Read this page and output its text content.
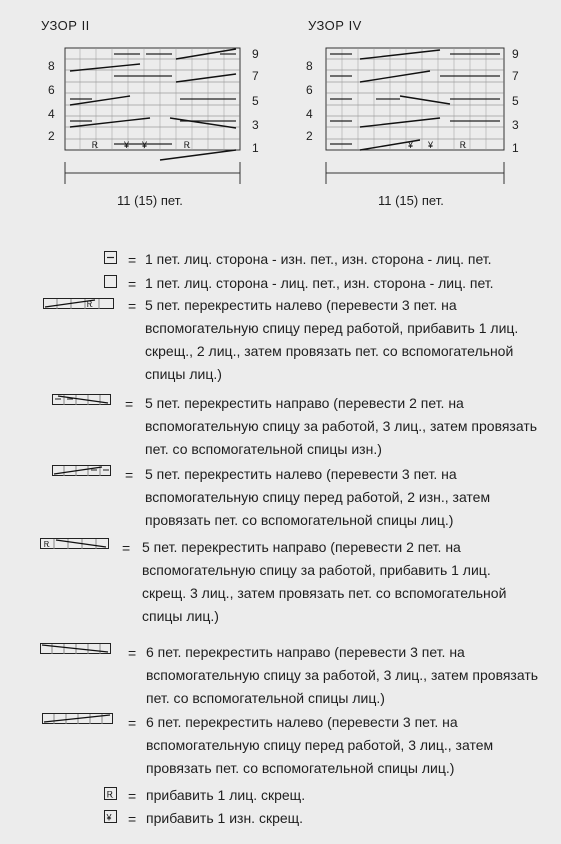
УЗОР II
8
6
4
2
9
7
5
3
1
Ꭱ	¥ ¥	Ꭱ
11 (15) пет.
УЗОР IV
8
6
4
2
9
7
5
3
1
¥ ¥	Ꭱ
11 (15) пет.
= 1 пет. лиц. сторона - изн. пет., изн. сторона - лиц. пет.
= 1 пет. лиц. сторона - лиц. пет., изн. сторона - лиц. пет.
Ꭱ = 5 пет. перекрестить налево (перевести 3 пет. на
вспомогательную спицу перед работой, прибавить 1 лиц.
скрещ., 2 лиц., затем провязать пет. со вспомогательной
спицы лиц.)
= 5 пет. перекрестить направо (перевести 2 пет. на
вспомогательную спицу за работой, 3 лиц., затем провязать
пет. со вспомогательной спицы изн.)
= 5 пет. перекрестить налево (перевести 3 пет. на
вспомогательную спицу перед работой, 2 изн., затем
провязать пет. со вспомогательной спицы лиц.)
Ꭱ	= 5 пет. перекрестить направо (перевести 2 пет. на
вспомогательную спицу за работой, прибавить 1 лиц.
скрещ. 3 лиц., затем провязать пет. со вспомогательной
спицы лиц.)
= 6 пет. перекрестить направо (перевести 3 пет. на
вспомогательную спицу за работой, 3 лиц., затем провязать
пет. со вспомогательной спицы лиц.)
= 6 пет. перекрестить налево (перевести 3 пет. на
вспомогательную спицу перед работой, 3 лиц., затем
провязать пет. со вспомогательной спицы лиц.)
Ꭱ = прибавить 1 лиц. скрещ.
¥ = прибавить 1 изн. скрещ.
